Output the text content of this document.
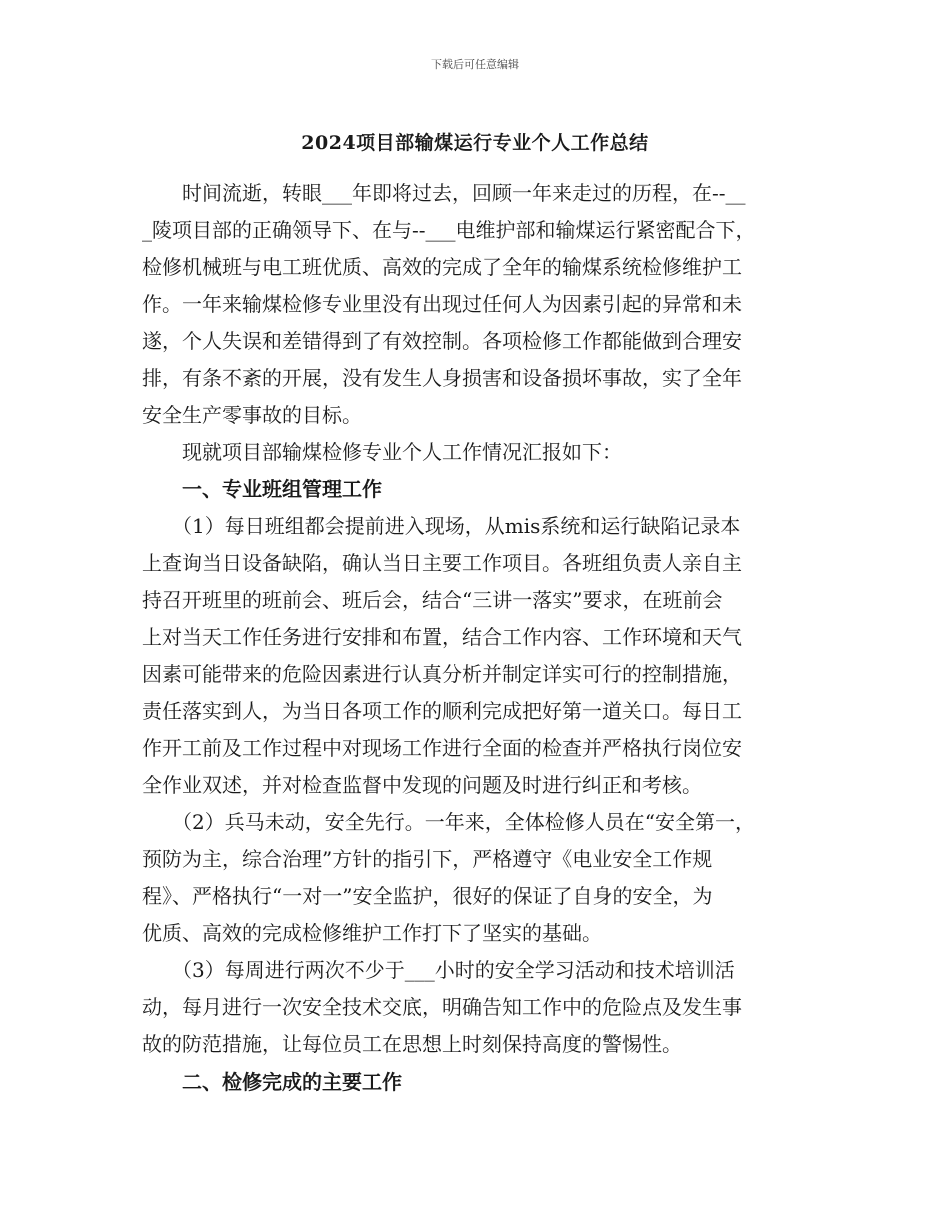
下载后可任意编辑
2024项目部输煤运行专业个人工作总结
　　时间流逝，转眼___年即将过去，回顾一年来走过的历程，在--__
_陵项目部的正确领导下、在与--___电维护部和输煤运行紧密配合下，
检修机械班与电工班优质、高效的完成了全年的输煤系统检修维护工
作。一年来输煤检修专业里没有出现过任何人为因素引起的异常和未
遂，个人失误和差错得到了有效控制。各项检修工作都能做到合理安
排，有条不紊的开展，没有发生人身损害和设备损坏事故，实了全年
安全生产零事故的目标。
　　现就项目部输煤检修专业个人工作情况汇报如下：
　　一、专业班组管理工作
　　（1）每日班组都会提前进入现场，从mis系统和运行缺陷记录本
上查询当日设备缺陷，确认当日主要工作项目。各班组负责人亲自主
持召开班里的班前会、班后会，结合“三讲一落实”要求，在班前会
上对当天工作任务进行安排和布置，结合工作内容、工作环境和天气
因素可能带来的危险因素进行认真分析并制定详实可行的控制措施，
责任落实到人，为当日各项工作的顺利完成把好第一道关口。每日工
作开工前及工作过程中对现场工作进行全面的检查并严格执行岗位安
全作业双述，并对检查监督中发现的问题及时进行纠正和考核。
　　（2）兵马未动，安全先行。一年来，全体检修人员在“安全第一，
预防为主，综合治理”方针的指引下，严格遵守《电业安全工作规
程》、严格执行“一对一”安全监护，很好的保证了自身的安全，为
优质、高效的完成检修维护工作打下了坚实的基础。
　　（3）每周进行两次不少于___小时的安全学习活动和技术培训活
动，每月进行一次安全技术交底，明确告知工作中的危险点及发生事
故的防范措施，让每位员工在思想上时刻保持高度的警惕性。
　　二、检修完成的主要工作
